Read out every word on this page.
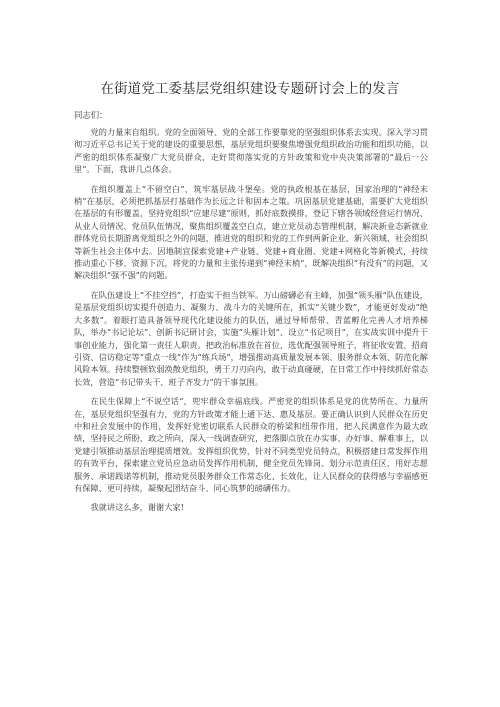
在街道党工委基层党组织建设专题研讨会上的发言
同志们：

党的力量来自组织。党的全面领导、党的全部工作要靠党的坚强组织体系去实现。深入学习贯彻习近平总书记关于党的建设的重要思想，基层党组织要聚焦增强党组织政治功能和组织功能，以严密的组织体系凝聚广大党员群众，走好贯彻落实党的方针政策和党中央决策部署的“最后一公里”。下面，我讲几点体会。

在组织覆盖上“不留空白”，筑牢基层战斗堡垒。党的执政根基在基层，国家治理的“神经末梢”在基层，必须把抓基层打基础作为长远之计和固本之策。巩固基层党建基础，需要扩大党组织在基层的有形覆盖，坚持党组织“应建尽建”原则，抓好底数摸排，登记下辖各领域经营运行情况、从业人员情况、党员队伍情况，聚焦组织覆盖空白点，建立党员动态管理机制，解决新业态新就业群体党员长期游离党组织之外的问题，推进党的组织和党的工作到两新企业、新兴领域、社会组织等新生社会主体中去。因地制宜探索党建+产业链、党建+商业圈、党建+网格化等新模式，持续推动重心下移、资源下沉，将党的力量和主张传递到“神经末梢”，既解决组织“有没有”的问题，又解决组织“强不强”的问题。

在队伍建设上“不挂空挡”，打造实干担当铁军。万山磅礴必有主峰，加强“领头雁”队伍建设，是基层党组织切实提升创造力、凝聚力、战斗力的关键所在，抓实“关键少数”，才能更好发动“绝大多数”。着眼打造具备领导现代化建设能力的队伍，通过导师帮带、青蓝孵化完善人才培养梯队，举办“书记论坛”、创新书记研讨会，实施“头雁计划”、设立“书记项目”，在实战实训中提升干事创业能力，强化第一责任人职责。把政治标准放在首位，选优配强领导班子，将征收安置、招商引资、信访稳定等“重点一线”作为“练兵场”，增强推动高质量发展本领、服务群众本领、防范化解风险本领。持续整顿软弱涣散党组织，勇于刀刃向内，敢于动真碰硬，在日常工作中持续抓好常态长效，营造“书记带头干、班子齐发力”的干事氛围。

在民生保障上“不说空话”，兜牢群众幸福底线。严密党的组织体系是党的优势所在、力量所在，基层党组织坚强有力，党的方针政策才能上通下达、惠及基层。要正确认识到人民群众在历史中和社会发展中的作用，发挥好党密切联系人民群众的桥梁和纽带作用，把人民满意作为最大政绩，坚持民之所盼、政之所向，深入一线调查研究，把落脚点放在办实事、办好事、解难事上，以党建引领推动基层治理提质增效。发挥组织优势，针对不同类型党员特点，积极搭建日常发挥作用的有效平台，探索建立党员应急动员发挥作用机制，健全党员先锋岗、划分示范责任区，用好志愿服务、承诺践诺等机制，推动党员服务群众工作常态化、长效化，让人民群众的获得感与幸福感更有保障、更可持续，凝聚起团结奋斗、同心筑梦的磅礴伟力。

我就讲这么多，谢谢大家!
